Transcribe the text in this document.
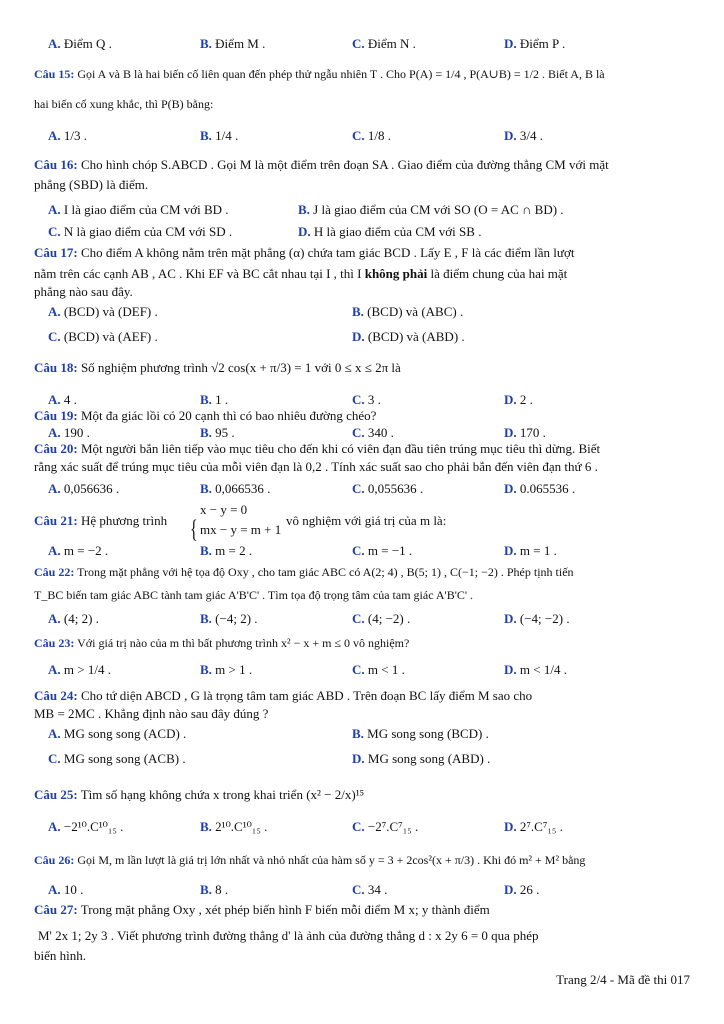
A. Điểm Q .	B. Điểm M .	C. Điểm N .	D. Điểm P .
Câu 15: Gọi A và B là hai biến cố liên quan đến phép thử ngẫu nhiên T . Cho P(A) = 1/4 , P(A∪B) = 1/2 . Biết A, B là
hai biến cố xung khắc, thì P(B) bằng:
A. 1/3 .	B. 1/4 .	C. 1/8 .	D. 3/4 .
Câu 16: Cho hình chóp S.ABCD . Gọi M là một điểm trên đoạn SA . Giao điểm của đường thẳng CM với mặt
phẳng (SBD) là điểm.
A. I là giao điểm của CM với BD .	B. J là giao điểm của CM với SO (O = AC ∩ BD) .
C. N là giao điểm của CM với SD .	D. H là giao điểm của CM với SB .
Câu 17: Cho điểm A không nằm trên mặt phẳng (α) chứa tam giác BCD . Lấy E , F là các điểm lần lượt
nằm trên các cạnh AB , AC . Khi EF và BC cắt nhau tại I , thì I không phải là điểm chung của hai mặt
phẳng nào sau đây.
A. (BCD) và (DEF) .	B. (BCD) và (ABC) .
C. (BCD) và (AEF) .	D. (BCD) và (ABD) .
Câu 18: Số nghiệm phương trình √2 cos(x + π/3) = 1 với 0 ≤ x ≤ 2π là
A. 4 .	B. 1 .	C. 3 .	D. 2 .
Câu 19: Một đa giác lồi có 20 cạnh thì có bao nhiêu đường chéo?
A. 190 .	B. 95 .	C. 340 .	D. 170 .
Câu 20: Một người bắn liên tiếp vào mục tiêu cho đến khi có viên đạn đầu tiên trúng mục tiêu thì dừng. Biết
rằng xác suất để trúng mục tiêu của mỗi viên đạn là 0,2 . Tính xác suất sao cho phải bắn đến viên đạn thứ 6 .
A. 0,056636 .	B. 0,066536 .	C. 0,055636 .	D. 0.065536 .
Câu 21: Hệ phương trình {
x − y = 0
mx − y = m + 1
vô nghiệm với giá trị của m là:
A. m = −2 .	B. m = 2 .	C. m = −1 .	D. m = 1 .
Câu 22: Trong mặt phẳng với hệ tọa độ Oxy , cho tam giác ABC có A(2; 4) , B(5; 1) , C(−1; −2) . Phép tịnh tiến
T_BC biến tam giác ABC tành tam giác A'B'C' . Tìm tọa độ trọng tâm của tam giác A'B'C' .
A. (4; 2) .	B. (−4; 2) .	C. (4; −2) .	D. (−4; −2) .
Câu 23: Với giá trị nào của m thì bất phương trình x² − x + m ≤ 0 vô nghiệm?
A. m > 1/4 .	B. m > 1 .	C. m < 1 .	D. m < 1/4 .
Câu 24: Cho tứ diện ABCD , G là trọng tâm tam giác ABD . Trên đoạn BC lấy điểm M sao cho
MB = 2MC . Khẳng định nào sau đây đúng ?
A. MG song song (ACD) .	B. MG song song (BCD) .
C. MG song song (ACB) .	D. MG song song (ABD) .
Câu 25: Tìm số hạng không chứa x trong khai triển (x² − 2/x)¹⁵
A. −2¹⁰.C¹⁰₁₅ .	B. 2¹⁰.C¹⁰₁₅ .	C. −2⁷.C⁷₁₅ .	D. 2⁷.C⁷₁₅ .
Câu 26: Gọi M, m lần lượt là giá trị lớn nhất và nhỏ nhất của hàm số y = 3 + 2cos²(x + π/3) . Khi đó m² + M² bằng
A. 10 .	B. 8 .	C. 34 .	D. 26 .
Câu 27: Trong mặt phẳng Oxy , xét phép biến hình F biến mỗi điểm M x; y thành điểm
M' 2x 1; 2y 3 . Viết phương trình đường thẳng d' là ảnh của đường thẳng d : x 2y 6 = 0 qua phép
biến hình.
Trang 2/4 - Mã đề thi 017
